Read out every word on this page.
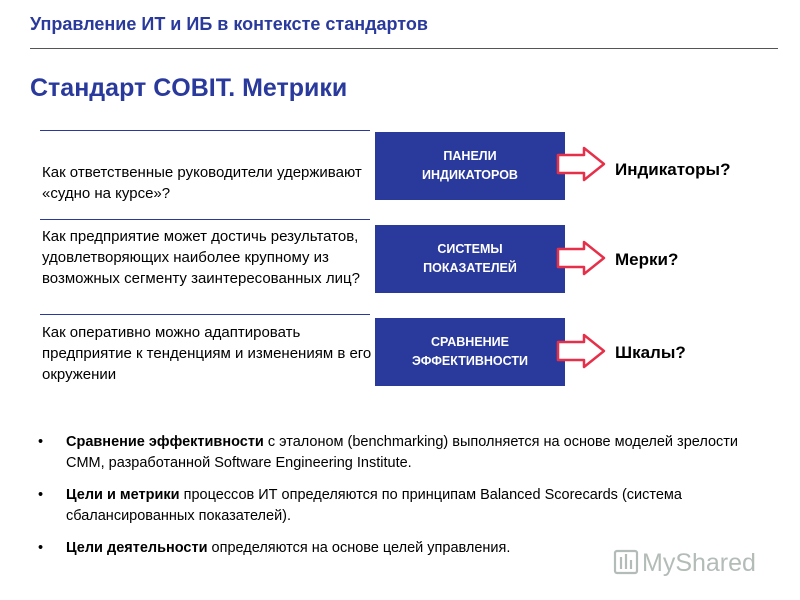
Управление ИТ и ИБ в контексте стандартов
Стандарт COBIT. Метрики
Как ответственные руководители удерживают «судно на курсе»?
ПАНЕЛИ
ИНДИКАТОРОВ	Индикаторы?
Как предприятие может достичь результатов, удовлетворяющих наиболее крупному из возможных сегменту заинтересованных лиц?
СИСТЕМЫ
ПОКАЗАТЕЛЕЙ	Мерки?
Как оперативно можно адаптировать предприятие к тенденциям и изменениям в его окружении
СРАВНЕНИЕ
ЭФФЕКТИВНОСТИ	Шкалы?
• Сравнение эффективности с эталоном (benchmarking) выполняется на основе моделей зрелости CMM, разработанной Software Engineering Institute.
• Цели и метрики процессов ИТ определяются по принципам Balanced Scorecards (система сбалансированных показателей).
• Цели деятельности определяются на основе целей управления.
MyShared
